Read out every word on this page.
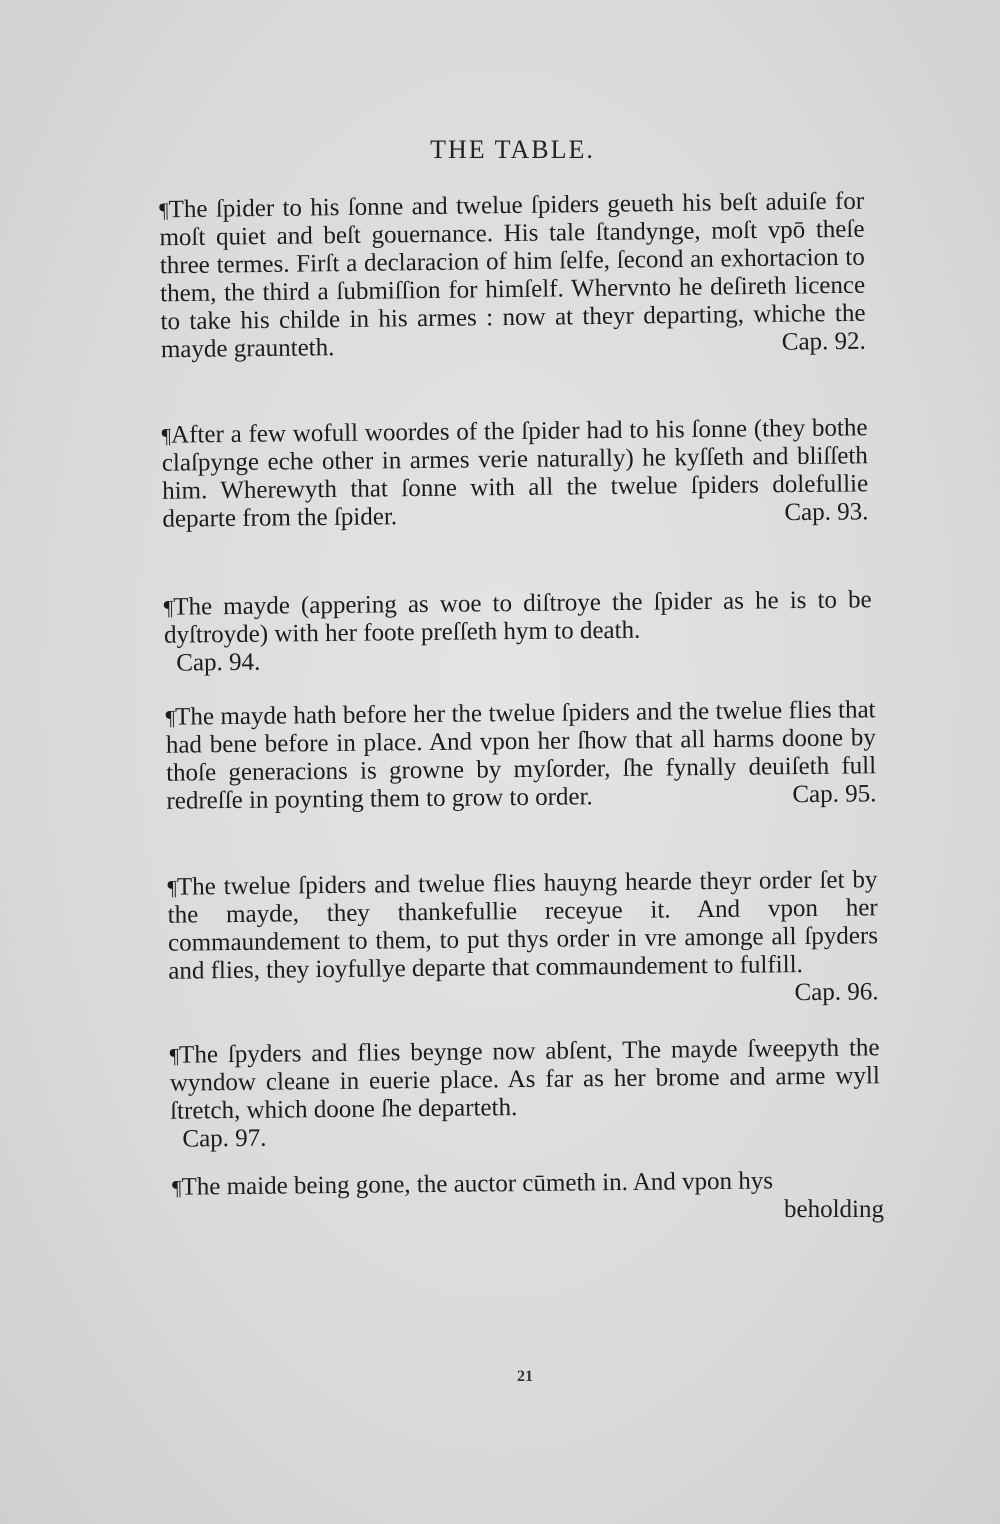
THE TABLE.
¶The ſpider to his ſonne and twelue ſpiders geueth his beſt aduiſe for moſt quiet and beſt gouernance. His tale ſtandynge, moſt vpō theſe three termes. Firſt a declaracion of him ſelfe, ſecond an exhortacion to them, the third a ſubmiſſion for himſelf. Whervnto he deſireth licence to take his childe in his armes : now at theyr departing, whiche the mayde graunteth.	Cap. 92.
¶After a few wofull woordes of the ſpider had to his ſonne (they bothe claſpynge eche other in armes verie naturally) he kyſſeth and bliſſeth him. Wherewyth that ſonne with all the twelue ſpiders dolefullie departe from the ſpider.	Cap. 93.
¶The mayde (appering as woe to diſtroye the ſpider as he is to be dyſtroyde) with her foote preſſeth hym to death.
Cap. 94.
¶The mayde hath before her the twelue ſpiders and the twelue flies that had bene before in place. And vpon her ſhow that all harms doone by thoſe generacions is growne by myſorder, ſhe fynally deuiſeth full redreſſe in poynting them to grow to order.	Cap. 95.
¶The twelue ſpiders and twelue flies hauyng hearde theyr order ſet by the mayde, they thankefullie receyue it. And vpon her commaundement to them, to put thys order in vre amonge all ſpyders and flies, they ioyfullye departe that commaundement to fulfill.
Cap. 96.
¶The ſpyders and flies beynge now abſent, The mayde ſweepyth the wyndow cleane in euerie place. As far as her brome and arme wyll ſtretch, which doone ſhe departeth.
Cap. 97.
¶The maide being gone, the auctor cūmeth in. And vpon hys
beholding
21
